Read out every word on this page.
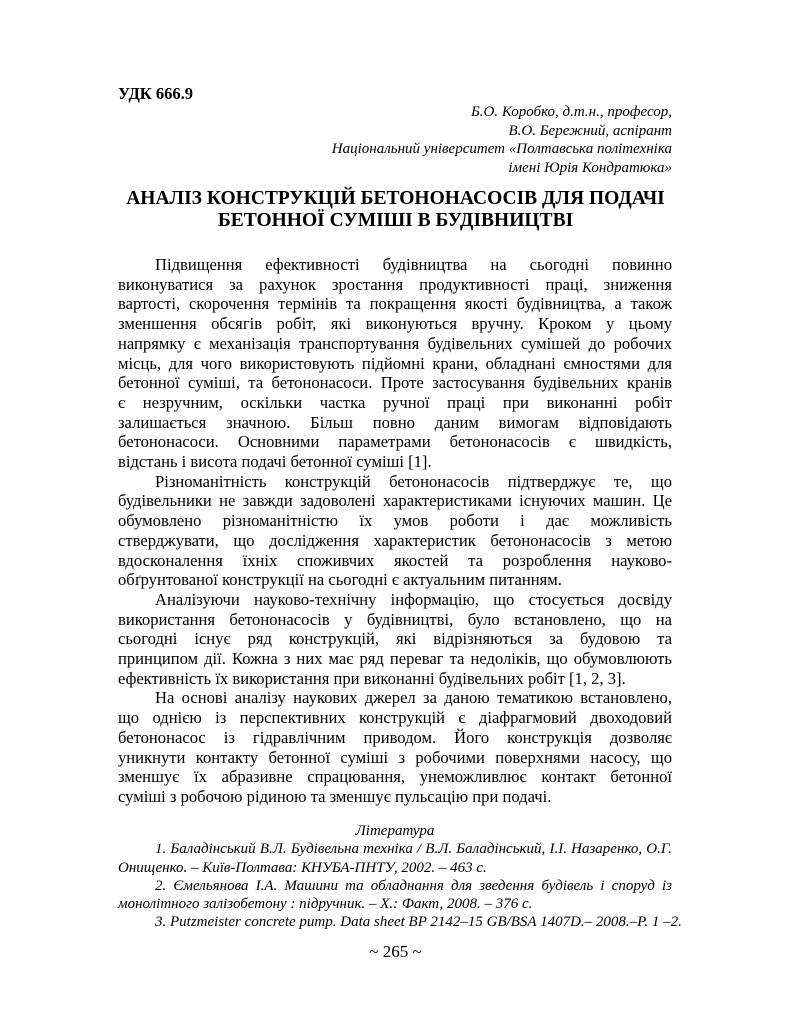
УДК 666.9
Б.О. Коробко, д.т.н., професор,
В.О. Бережний, аспірант
Національний університет «Полтавська політехніка
імені Юрія Кондратюка»
АНАЛІЗ КОНСТРУКЦІЙ БЕТОНОНАСОСІВ ДЛЯ ПОДАЧІ
БЕТОННОЇ СУМІШІ В БУДІВНИЦТВІ
Підвищення ефективності будівництва на сьогодні повинно
виконуватися за рахунок зростання продуктивності праці, зниження
вартості, скорочення термінів та покращення якості будівництва, а також
зменшення обсягів робіт, які виконуються вручну. Кроком у цьому
напрямку є механізація транспортування будівельних сумішей до робочих
місць, для чого використовують підйомні крани, обладнані ємностями для
бетонної суміші, та бетононасоси. Проте застосування будівельних кранів
є незручним, оскільки частка ручної праці при виконанні робіт
залишається значною. Більш повно даним вимогам відповідають
бетононасоси. Основними параметрами бетононасосів є швидкість,
відстань і висота подачі бетонної суміші [1].
Різноманітність конструкцій бетононасосів підтверджує те, що
будівельники не завжди задоволені характеристиками існуючих машин. Це
обумовлено різноманітністю їх умов роботи і дає можливість
стверджувати, що дослідження характеристик бетононасосів з метою
вдосконалення їхніх споживчих якостей та розроблення науково-
обґрунтованої конструкції на сьогодні є актуальним питанням.
Аналізуючи науково-технічну інформацію, що стосується досвіду
використання бетононасосів у будівництві, було встановлено, що на
сьогодні існує ряд конструкцій, які відрізняються за будовою та
принципом дії. Кожна з них має ряд переваг та недоліків, що обумовлюють
ефективність їх використання при виконанні будівельних робіт [1, 2, 3].
На основі аналізу наукових джерел за даною тематикою встановлено,
що однією із перспективних конструкцій є діафрагмовий двоходовий
бетононасос із гідравлічним приводом. Його конструкція дозволяє
уникнути контакту бетонної суміші з робочими поверхнями насосу, що
зменшує їх абразивне спрацювання, унеможливлює контакт бетонної
суміші з робочою рідиною та зменшує пульсацію при подачі.
Література
1. Баладінський В.Л. Будівельна техніка / В.Л. Баладінський, І.І. Назаренко, О.Г.
Онищенко. – Київ-Полтава: КНУБА-ПНТУ, 2002. – 463 с.
2. Ємельянова І.А. Машини та обладнання для зведення будівель і споруд із
монолітного залізобетону : підручник. – Х.: Факт, 2008. – 376 с.
3. Putzmeister concrete pump. Data sheet BP 2142–15 GB/BSA 1407D.– 2008.–P. 1 –2.
~ 265 ~
